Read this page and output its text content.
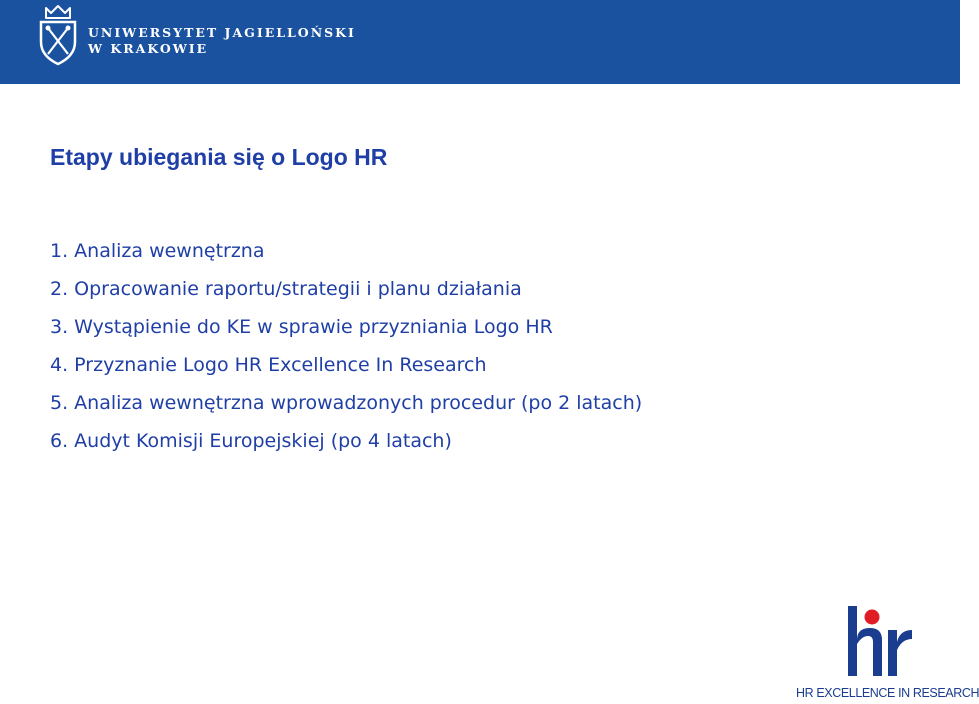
UNIWERSYTET JAGIELLOŃSKI
W KRAKOWIE
Etapy ubiegania się o Logo HR
1. Analiza wewnętrzna
2. Opracowanie raportu/strategii i planu działania
3. Wystąpienie do KE w sprawie przyzniania Logo HR
4. Przyznanie Logo HR Excellence In Research
5. Analiza wewnętrzna wprowadzonych procedur (po 2 latach)
6. Audyt Komisji Europejskiej (po 4 latach)
HR EXCELLENCE IN RESEARCH
